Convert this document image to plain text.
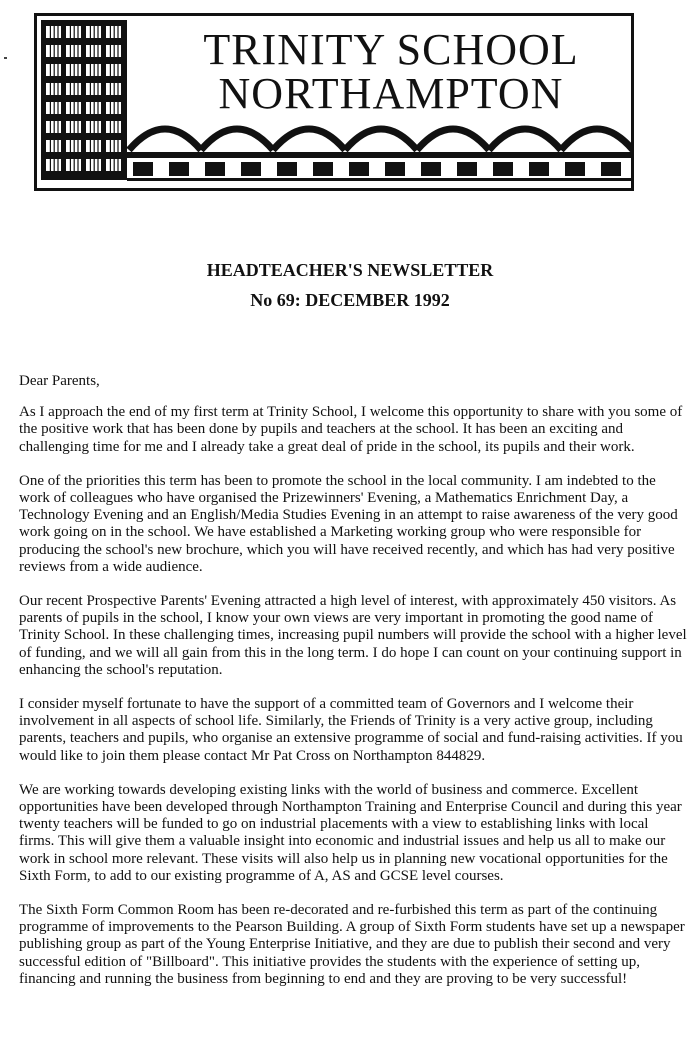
TRINITY SCHOOL
NORTHAMPTON
HEADTEACHER'S NEWSLETTER
No 69: DECEMBER 1992

Dear Parents,

As I approach the end of my first term at Trinity School, I welcome this opportunity to share with you some of the positive work that has been done by pupils and teachers at the school. It has been an exciting and challenging time for me and I already take a great deal of pride in the school, its pupils and their work.

One of the priorities this term has been to promote the school in the local community. I am indebted to the work of colleagues who have organised the Prizewinners' Evening, a Mathematics Enrichment Day, a Technology Evening and an English/Media Studies Evening in an attempt to raise awareness of the very good work going on in the school. We have established a Marketing working group who were responsible for producing the school's new brochure, which you will have received recently, and which has had very positive reviews from a wide audience.

Our recent Prospective Parents' Evening attracted a high level of interest, with approximately 450 visitors. As parents of pupils in the school, I know your own views are very important in promoting the good name of Trinity School. In these challenging times, increasing pupil numbers will provide the school with a higher level of funding, and we will all gain from this in the long term. I do hope I can count on your continuing support in enhancing the school's reputation.

I consider myself fortunate to have the support of a committed team of Governors and I welcome their involvement in all aspects of school life. Similarly, the Friends of Trinity is a very active group, including parents, teachers and pupils, who organise an extensive programme of social and fund-raising activities. If you would like to join them please contact Mr Pat Cross on Northampton 844829.

We are working towards developing existing links with the world of business and commerce. Excellent opportunities have been developed through Northampton Training and Enterprise Council and during this year twenty teachers will be funded to go on industrial placements with a view to establishing links with local firms. This will give them a valuable insight into economic and industrial issues and help us all to make our work in school more relevant. These visits will also help us in planning new vocational opportunities for the Sixth Form, to add to our existing programme of A, AS and GCSE level courses.

The Sixth Form Common Room has been re-decorated and re-furbished this term as part of the continuing programme of improvements to the Pearson Building. A group of Sixth Form students have set up a newspaper publishing group as part of the Young Enterprise Initiative, and they are due to publish their second and very successful edition of "Billboard". This initiative provides the students with the experience of setting up, financing and running the business from beginning to end and they are proving to be very successful!
